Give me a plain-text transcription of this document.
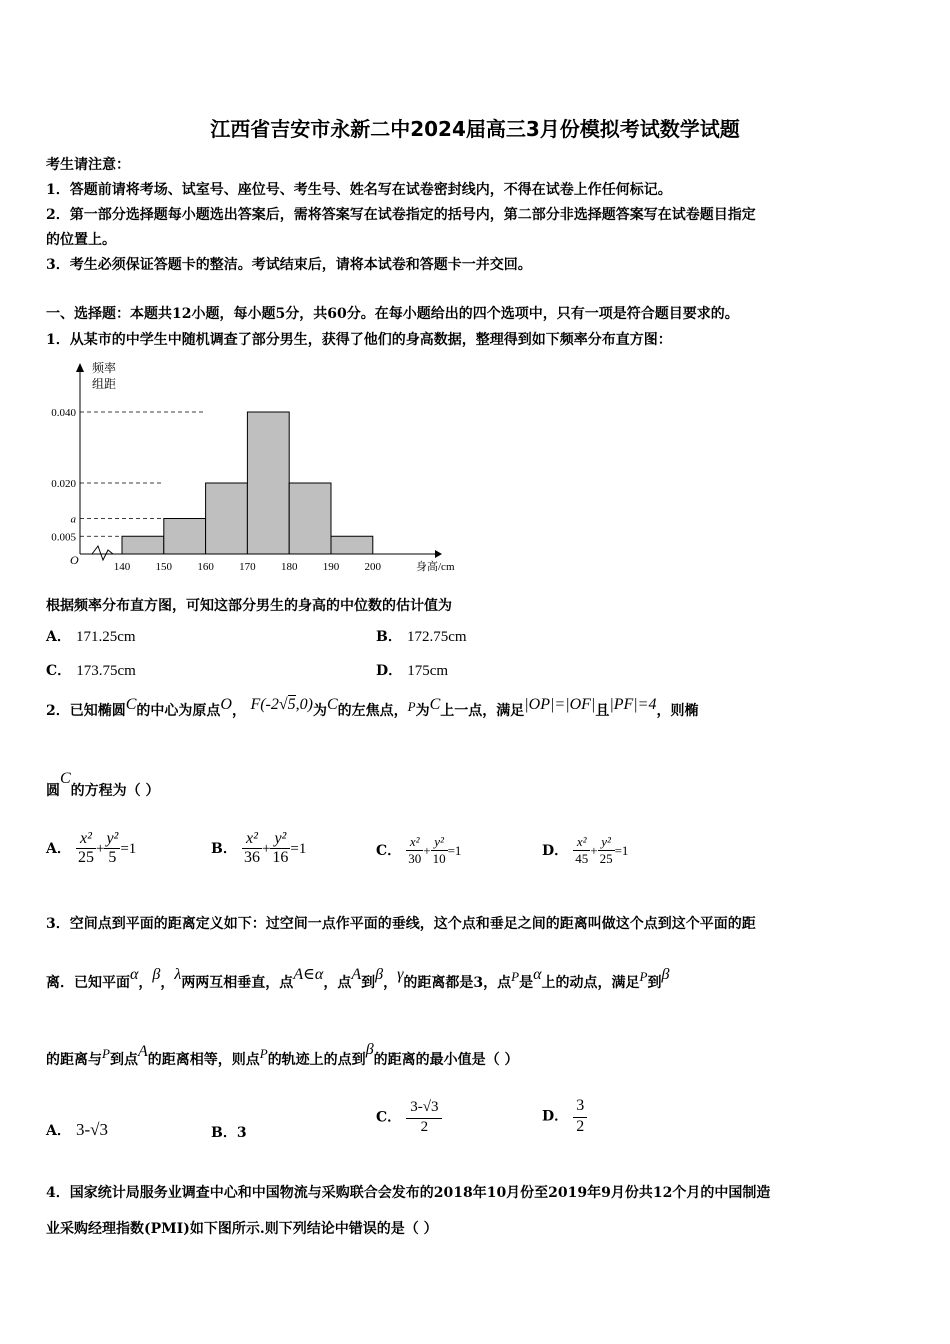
江西省吉安市永新二中2024届高三3月份模拟考试数学试题
考生请注意：
1．答题前请将考场、试室号、座位号、考生号、姓名写在试卷密封线内，不得在试卷上作任何标记。
2．第一部分选择题每小题选出答案后，需将答案写在试卷指定的括号内，第二部分非选择题答案写在试卷题目指定
的位置上。
3．考生必须保证答题卡的整洁。考试结束后，请将本试卷和答题卡一并交回。
一、选择题：本题共12小题，每小题5分，共60分。在每小题给出的四个选项中，只有一项是符合题目要求的。
1．从某市的中学生中随机调查了部分男生，获得了他们的身高数据，整理得到如下频率分布直方图：
0.040
0.020
a
0.005
140 150 160 170 180 190 200
频率
组距
身高/cm
O
根据频率分布直方图，可知这部分男生的身高的中位数的估计值为
A． 171.25cm	B． 172.75cm
C． 173.75cm	D． 175cm
2．已知椭圆C的中心为原点O， F(-2√5,0)为C的左焦点，P为C上一点，满足|OP|=|OF|且|PF|=4，则椭
圆C的方程为（ ）
A． $\frac{\text{x²}}{25} + \frac{\text{y²}}{5} =1$	B． $\frac{\text{x²}}{36} + \frac{\text{y²}}{16} =1$	C． $\frac{\text{x²}}{30} + \frac{\text{y²}}{10} =1$	D． $\frac{\text{x²}}{45} + \frac{\text{y²}}{25} =1$
3．空间点到平面的距离定义如下：过空间一点作平面的垂线，这个点和垂足之间的距离叫做这个点到这个平面的距
离．已知平面α，β，λ两两互相垂直，点A∈α，点A到β，γ的距离都是3，点P是α上的动点，满足P到β
的距离与P到点A的距离相等，则点P的轨迹上的点到β的距离的最小值是（ ）
A． 3-√3	B．3
C． $\frac{3-√3}{2}$	D． $\frac{3}{2}$
4．国家统计局服务业调查中心和中国物流与采购联合会发布的2018年10月份至2019年9月份共12个月的中国制造
业采购经理指数(PMI)如下图所示.则下列结论中错误的是（ ）
